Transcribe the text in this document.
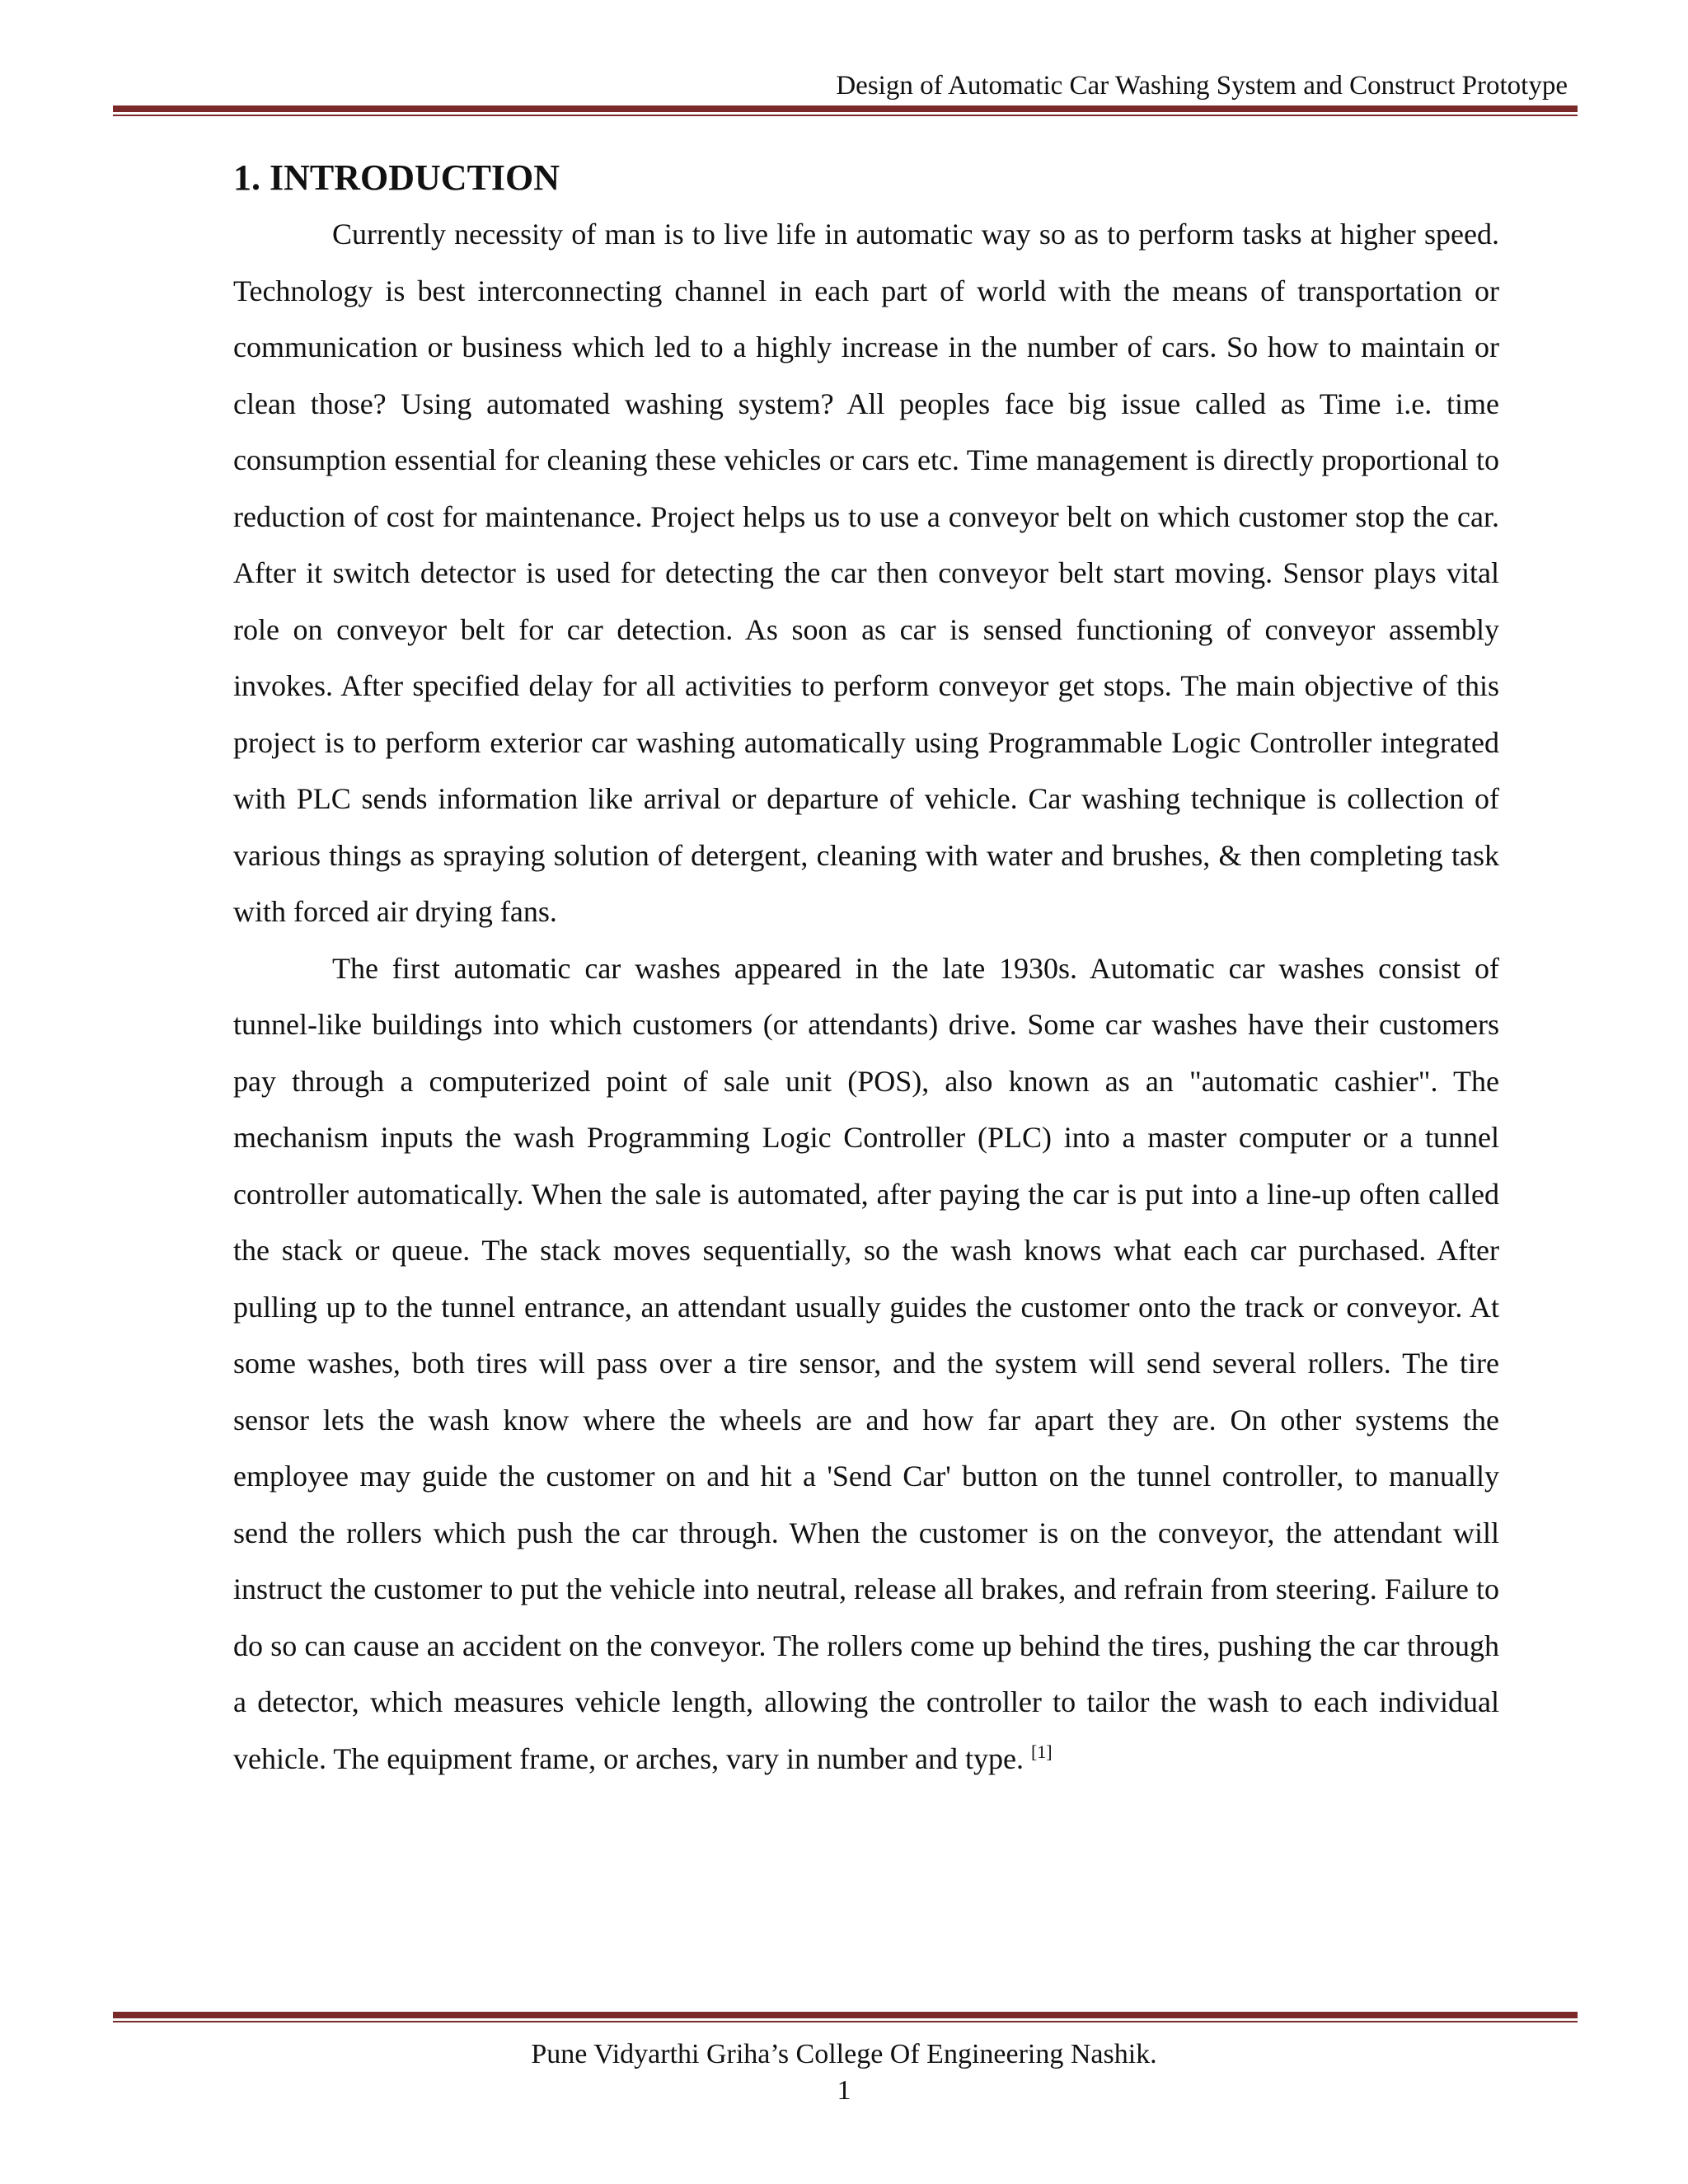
Design of Automatic Car Washing System and Construct Prototype
1. INTRODUCTION

Currently necessity of man is to live life in automatic way so as to perform tasks at higher speed. Technology is best interconnecting channel in each part of world with the means of transportation or communication or business which led to a highly increase in the number of cars. So how to maintain or clean those? Using automated washing system? All peoples face big issue called as Time i.e. time consumption essential for cleaning these vehicles or cars etc. Time management is directly proportional to reduction of cost for maintenance. Project helps us to use a conveyor belt on which customer stop the car. After it switch detector is used for detecting the car then conveyor belt start moving. Sensor plays vital role on conveyor belt for car detection. As soon as car is sensed functioning of conveyor assembly invokes. After specified delay for all activities to perform conveyor get stops. The main objective of this project is to perform exterior car washing automatically using Programmable Logic Controller integrated with PLC sends information like arrival or departure of vehicle. Car washing technique is collection of various things as spraying solution of detergent, cleaning with water and brushes, & then completing task with forced air drying fans.

The first automatic car washes appeared in the late 1930s. Automatic car washes consist of tunnel-like buildings into which customers (or attendants) drive. Some car washes have their customers pay through a computerized point of sale unit (POS), also known as an "automatic cashier". The mechanism inputs the wash Programming Logic Controller (PLC) into a master computer or a tunnel controller automatically. When the sale is automated, after paying the car is put into a line-up often called the stack or queue. The stack moves sequentially, so the wash knows what each car purchased. After pulling up to the tunnel entrance, an attendant usually guides the customer onto the track or conveyor. At some washes, both tires will pass over a tire sensor, and the system will send several rollers. The tire sensor lets the wash know where the wheels are and how far apart they are. On other systems the employee may guide the customer on and hit a 'Send Car' button on the tunnel controller, to manually send the rollers which push the car through. When the customer is on the conveyor, the attendant will instruct the customer to put the vehicle into neutral, release all brakes, and refrain from steering. Failure to do so can cause an accident on the conveyor. The rollers come up behind the tires, pushing the car through a detector, which measures vehicle length, allowing the controller to tailor the wash to each individual vehicle. The equipment frame, or arches, vary in number and type. [1]

Pune Vidyarthi Griha’s College Of Engineering Nashik.
1
